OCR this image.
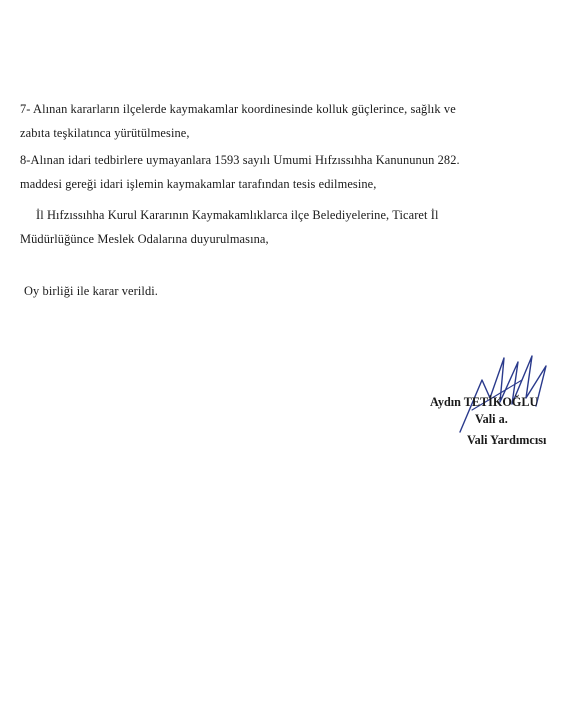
7- Alınan kararların ilçelerde kaymakamlar koordinesinde kolluk güçlerince, sağlık ve
zabıta teşkilatınca yürütülmesine,
8-Alınan idari tedbirlere uymayanlara 1593 sayılı Umumi Hıfzıssıhha Kanununun 282.
maddesi gereği idari işlemin kaymakamlar tarafından tesis edilmesine,
İl Hıfzıssıhha Kurul Kararının Kaymakamlıklarca ilçe Belediyelerine, Ticaret İl
Müdürlüğünce Meslek Odalarına duyurulmasına,
Oy birliği ile karar verildi.
Aydın TETİKOĞLU
Vali a.
Vali Yardımcısı
